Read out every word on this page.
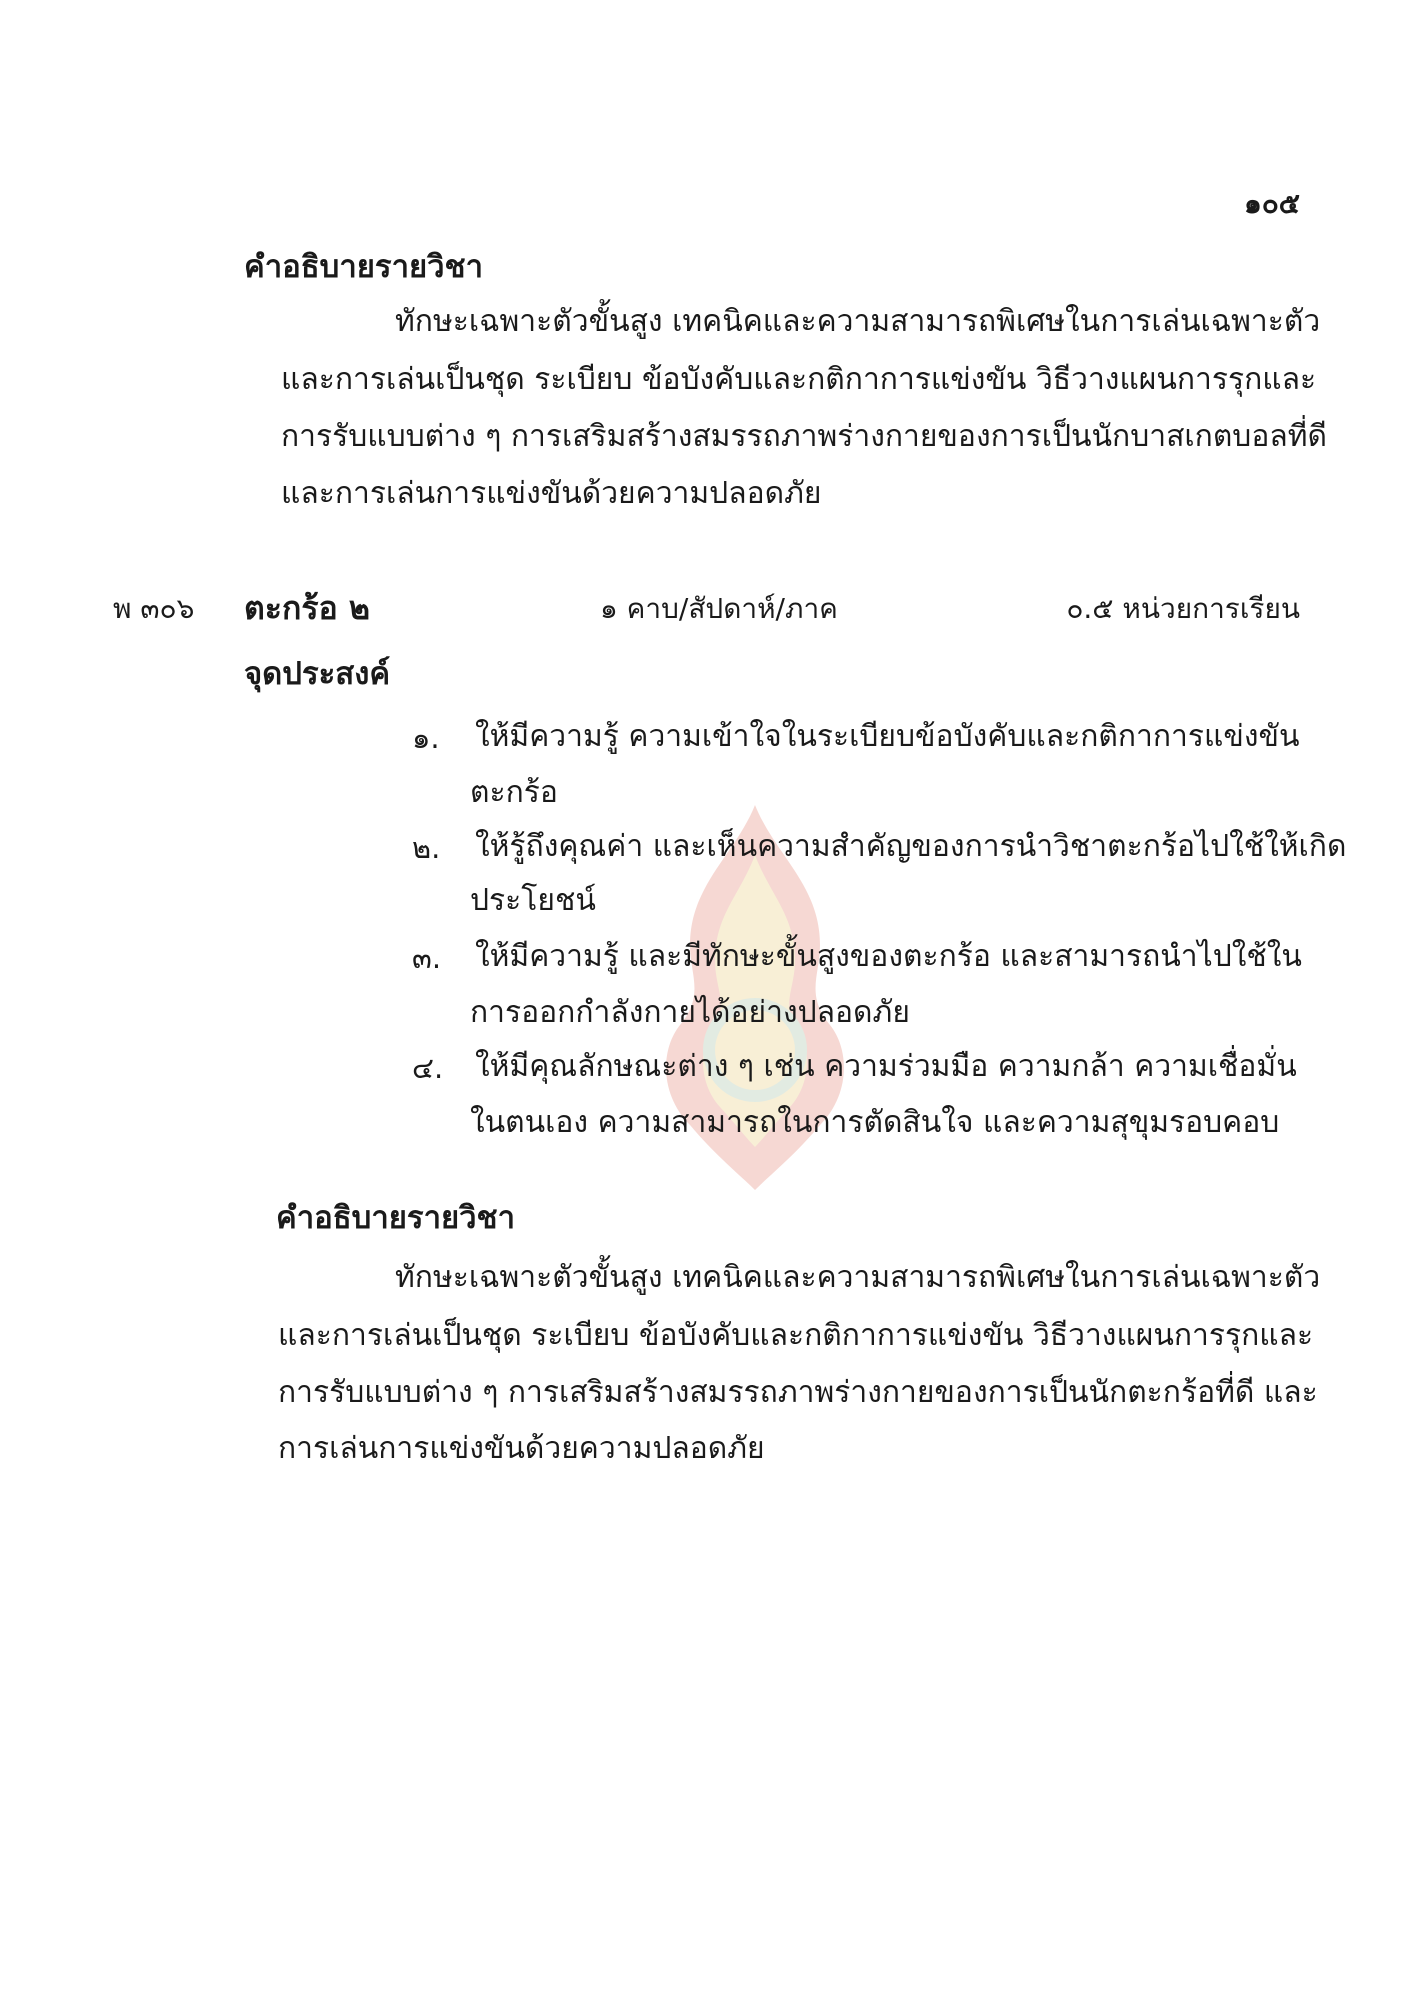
๑๐๕
คำอธิบายรายวิชา
ทักษะเฉพาะตัวขั้นสูง เทคนิคและความสามารถพิเศษในการเล่นเฉพาะตัว
และการเล่นเป็นชุด ระเบียบ ข้อบังคับและกติกาการแข่งขัน วิธีวางแผนการรุกและ
การรับแบบต่าง ๆ การเสริมสร้างสมรรถภาพร่างกายของการเป็นนักบาสเกตบอลที่ดี
และการเล่นการแข่งขันด้วยความปลอดภัย
พ ๓๐๖ ตะกร้อ ๒	๑ คาบ/สัปดาห์/ภาค	๐.๕ หน่วยการเรียน
จุดประสงค์
๑. ให้มีความรู้ ความเข้าใจในระเบียบข้อบังคับและกติกาการแข่งขัน
ตะกร้อ
๒. ให้รู้ถึงคุณค่า และเห็นความสำคัญของการนำวิชาตะกร้อไปใช้ให้เกิด
ประโยชน์
๓. ให้มีความรู้ และมีทักษะขั้นสูงของตะกร้อ และสามารถนำไปใช้ใน
การออกกำลังกายได้อย่างปลอดภัย
๔. ให้มีคุณลักษณะต่าง ๆ เช่น ความร่วมมือ ความกล้า ความเชื่อมั่น
ในตนเอง ความสามารถในการตัดสินใจ และความสุขุมรอบคอบ
คำอธิบายรายวิชา
ทักษะเฉพาะตัวขั้นสูง เทคนิคและความสามารถพิเศษในการเล่นเฉพาะตัว
และการเล่นเป็นชุด ระเบียบ ข้อบังคับและกติกาการแข่งขัน วิธีวางแผนการรุกและ
การรับแบบต่าง ๆ การเสริมสร้างสมรรถภาพร่างกายของการเป็นนักตะกร้อที่ดี และ
การเล่นการแข่งขันด้วยความปลอดภัย
